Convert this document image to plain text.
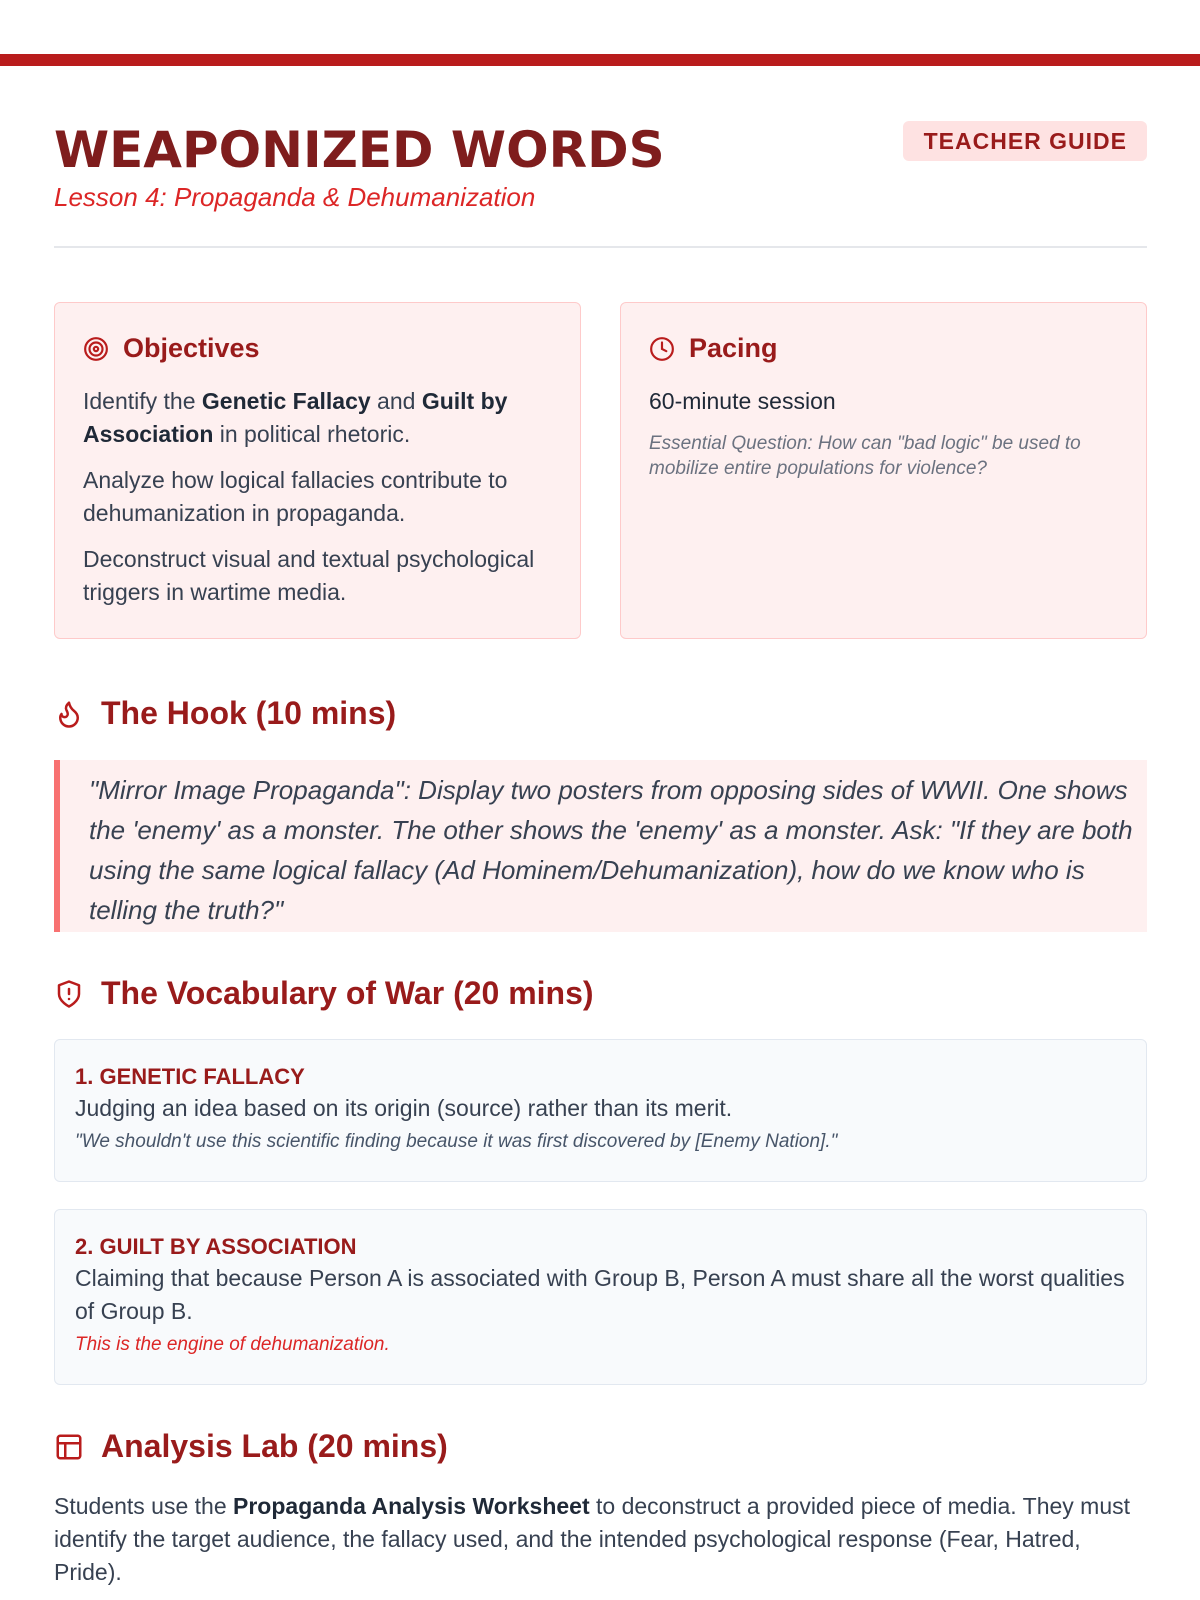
WEAPONIZED WORDS
Lesson 4: Propaganda & Dehumanization
TEACHER GUIDE
Objectives

Identify the Genetic Fallacy and Guilt by Association in political rhetoric.

Analyze how logical fallacies contribute to dehumanization in propaganda.

Deconstruct visual and textual psychological triggers in wartime media.

Pacing
60-minute session
Essential Question: How can "bad logic" be used to mobilize entire populations for violence?
The Hook (10 mins)
"Mirror Image Propaganda": Display two posters from opposing sides of WWII. One shows the 'enemy' as a monster. The other shows the 'enemy' as a monster. Ask: "If they are both using the same logical fallacy (Ad Hominem/Dehumanization), how do we know who is telling the truth?"
The Vocabulary of War (20 mins)
1. GENETIC FALLACY
Judging an idea based on its origin (source) rather than its merit.
"We shouldn't use this scientific finding because it was first discovered by [Enemy Nation]."
2. GUILT BY ASSOCIATION
Claiming that because Person A is associated with Group B, Person A must share all the worst qualities of Group B.
This is the engine of dehumanization.
Analysis Lab (20 mins)
Students use the Propaganda Analysis Worksheet to deconstruct a provided piece of media. They must identify the target audience, the fallacy used, and the intended psychological response (Fear, Hatred, Pride).
